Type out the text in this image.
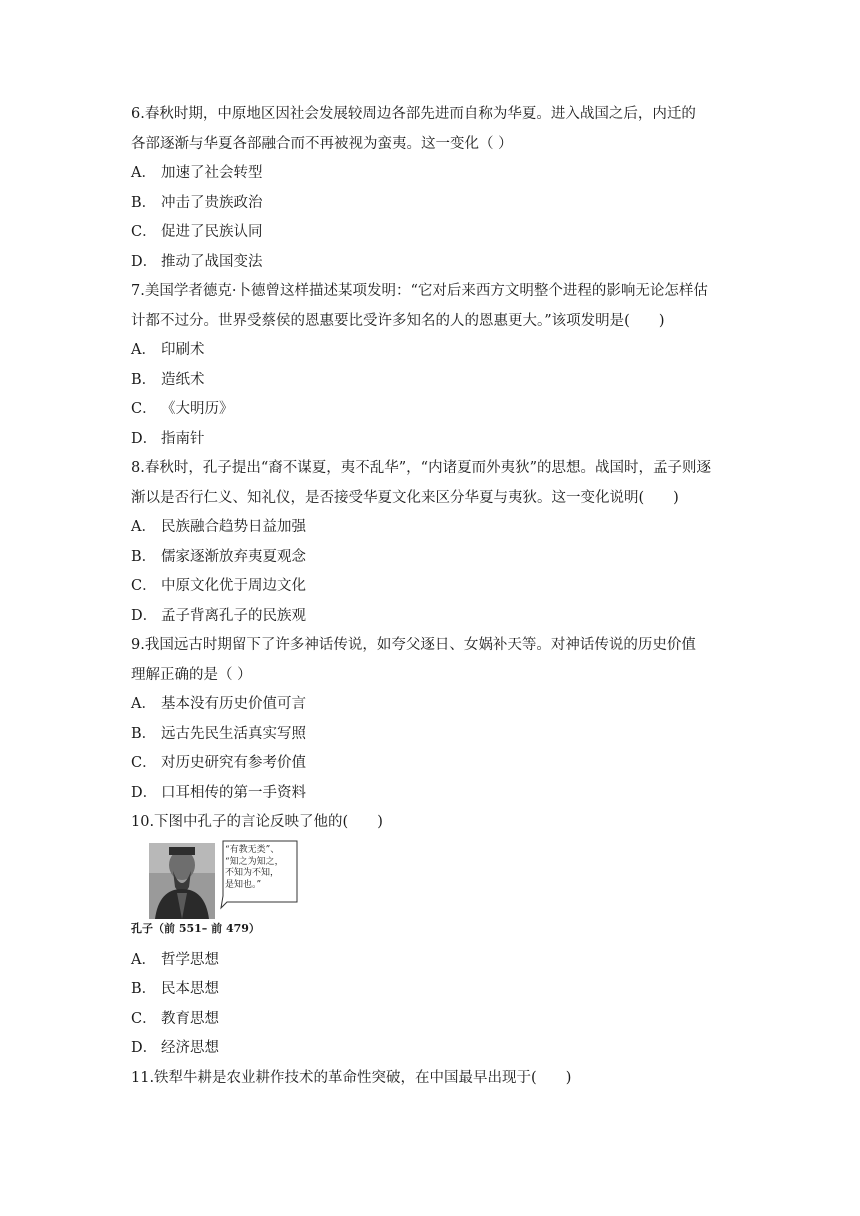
6.春秋时期，中原地区因社会发展较周边各部先进而自称为华夏。进入战国之后，内迁的
各部逐渐与华夏各部融合而不再被视为蛮夷。这一变化（ ）
A． 加速了社会转型
B． 冲击了贵族政治
C． 促进了民族认同
D． 推动了战国变法
7.美国学者德克·卜德曾这样描述某项发明：“它对后来西方文明整个进程的影响无论怎样估
计都不过分。世界受蔡侯的恩惠要比受许多知名的人的恩惠更大。”该项发明是(　　)
A． 印刷术
B． 造纸术
C． 《大明历》
D． 指南针
8.春秋时，孔子提出“裔不谋夏，夷不乱华”，“内诸夏而外夷狄”的思想。战国时，孟子则逐
渐以是否行仁义、知礼仪，是否接受华夏文化来区分华夏与夷狄。这一变化说明(　　)
A． 民族融合趋势日益加强
B． 儒家逐渐放弃夷夏观念
C． 中原文化优于周边文化
D． 孟子背离孔子的民族观
9.我国远古时期留下了许多神话传说，如夸父逐日、女娲补天等。对神话传说的历史价值
理解正确的是（ ）
A． 基本没有历史价值可言
B． 远古先民生活真实写照
C． 对历史研究有参考价值
D． 口耳相传的第一手资料
10.下图中孔子的言论反映了他的(　　)
“有教无类”、
“知之为知之，
不知为不知，
是知也。”
孔子（前 551– 前 479）
A． 哲学思想
B． 民本思想
C． 教育思想
D． 经济思想
11.铁犁牛耕是农业耕作技术的革命性突破，在中国最早出现于(　　)
